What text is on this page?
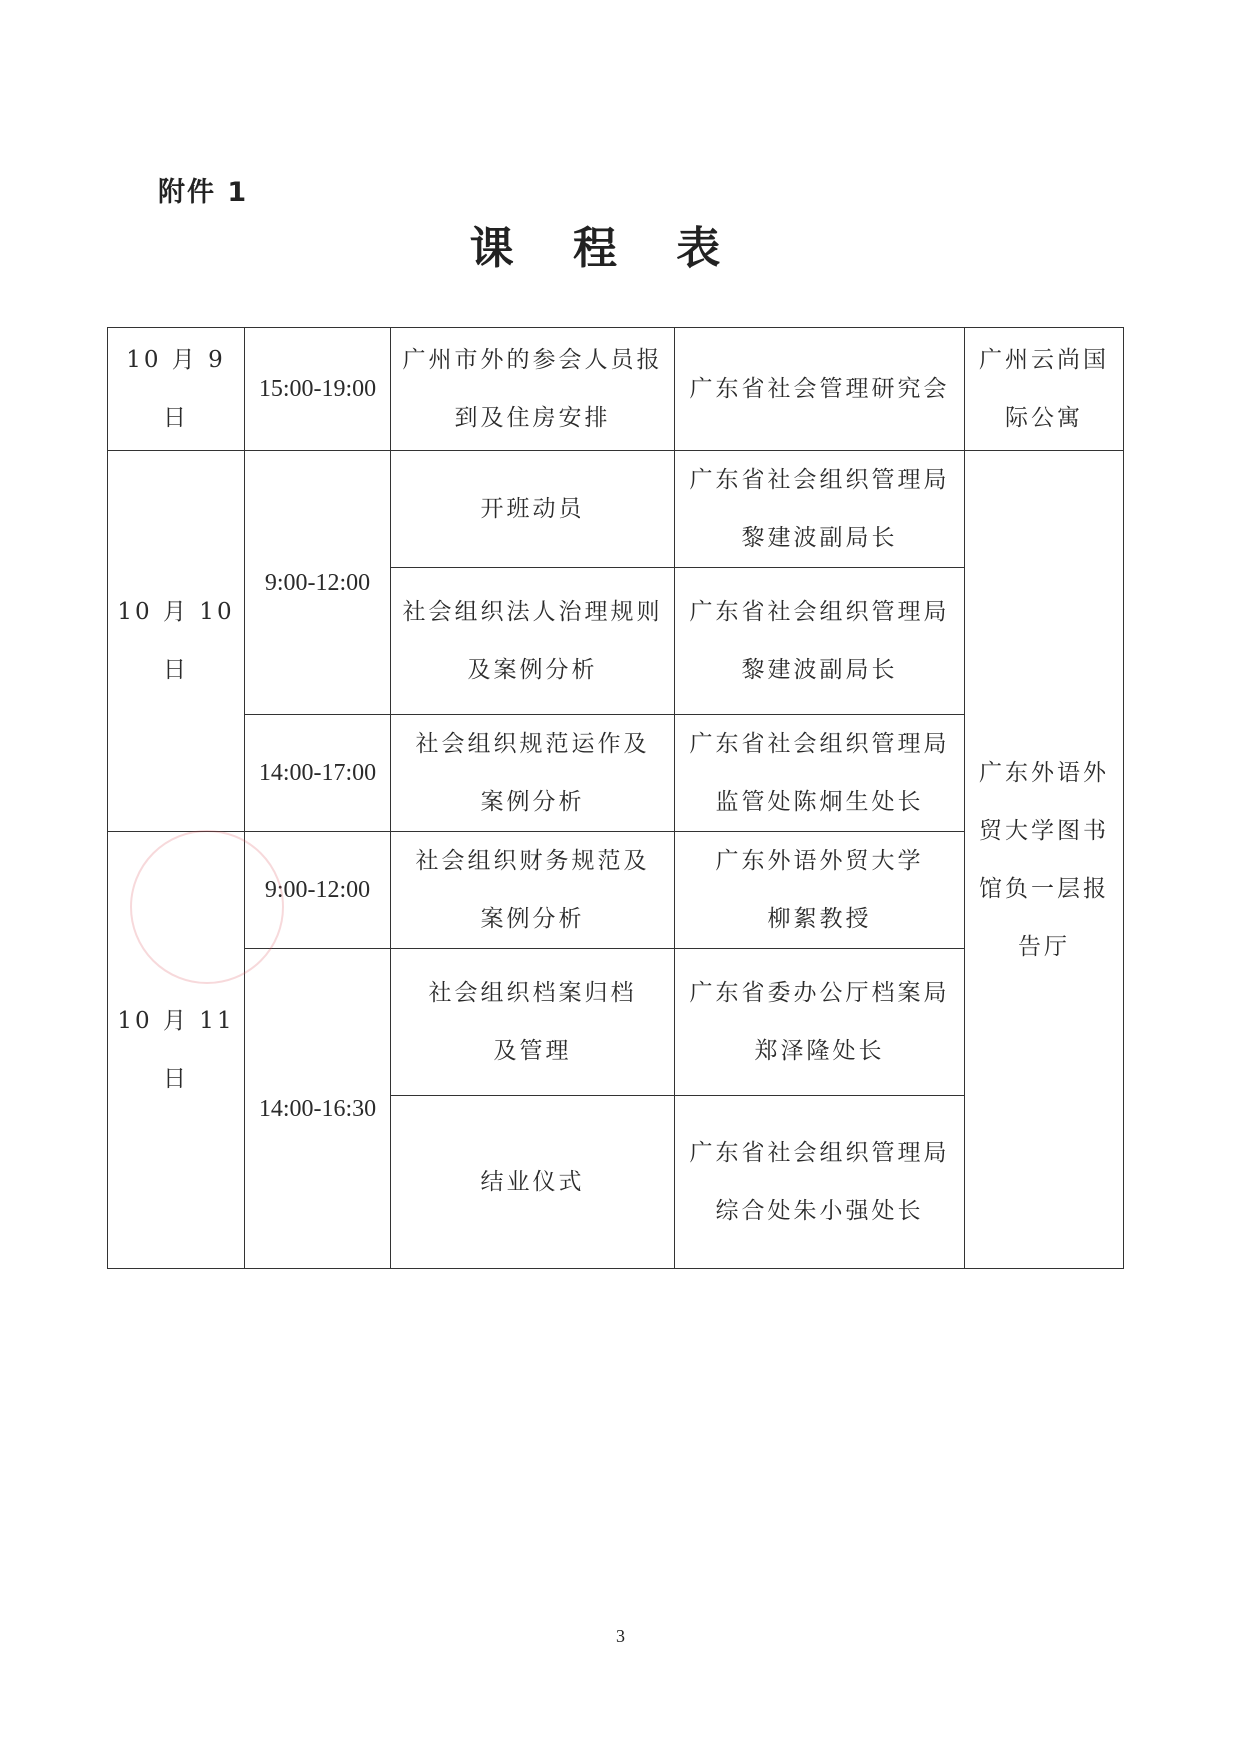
附件 1
课 程 表
10 月 9 日	15:00-19:00	广州市外的参会人员报
到及住房安排	广东省社会管理研究会	广州云尚国
际公寓

10 月 10 日	9:00-12:00	开班动员	广东省社会组织管理局
黎建波副局长	广东外语外
贸大学图书
馆负一层报
告厅

		社会组织法人治理规则
及案例分析	广东省社会组织管理局
黎建波副局长	

	14:00-17:00	社会组织规范运作及
案例分析	广东省社会组织管理局
监管处陈炯生处长	

10 月 11 日	9:00-12:00	社会组织财务规范及
案例分析	广东外语外贸大学
柳絮教授	

	14:00-16:30	社会组织档案归档
及管理	广东省委办公厅档案局
郑泽隆处长	

		结业仪式	广东省社会组织管理局
综合处朱小强处长	
3
